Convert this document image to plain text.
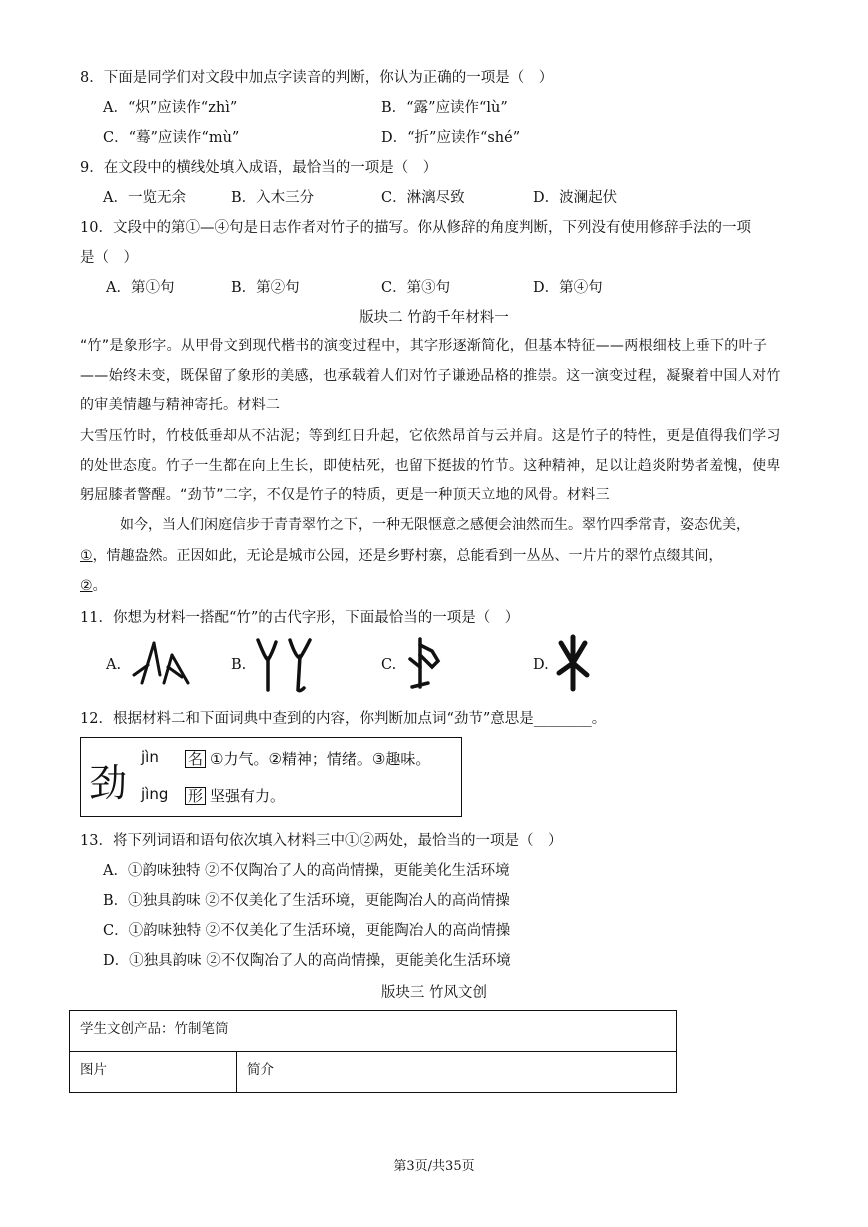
8．下面是同学们对文段中加点字读音的判断，你认为正确的一项是（　）
A．“炽”应读作“zhì”	B．“露”应读作“lù”
C．“蓦”应读作“mù”	D．“折”应读作“shé”
9．在文段中的横线处填入成语，最恰当的一项是（　）
A．一览无余	B．入木三分	C．淋漓尽致	D．波澜起伏
10．文段中的第①—④句是日志作者对竹子的描写。你从修辞的角度判断，下列没有使用修辞手法的一项
是（　）
A．第①句	B．第②句	C．第③句	D．第④句
版块二 竹韵千年材料一
“竹”是象形字。从甲骨文到现代楷书的演变过程中，其字形逐渐简化，但基本特征——两根细枝上垂下的叶子——始终未变，既保留了象形的美感，也承载着人们对竹子谦逊品格的推崇。这一演变过程，凝聚着中国人对竹的审美情趣与精神寄托。材料二
大雪压竹时，竹枝低垂却从不沾泥；等到红日升起，它依然昂首与云并肩。这是竹子的特性，更是值得我们学习的处世态度。竹子一生都在向上生长，即使枯死，也留下挺拔的竹节。这种精神，足以让趋炎附势者羞愧，使卑躬屈膝者警醒。“劲节”二字，不仅是竹子的特质，更是一种顶天立地的风骨。材料三
如今，当人们闲庭信步于青青翠竹之下，一种无限惬意之感便会油然而生。翠竹四季常青，姿态优美，
①，情趣盎然。正因如此，无论是城市公园，还是乡野村寨，总能看到一丛丛、一片片的翠竹点缀其间，
②。
11．你想为材料一搭配“竹”的古代字形，下面最恰当的一项是（　）
A.	B.	C.	D.
12．根据材料二和下面词典中查到的内容，你判断加点词“劲节”意思是________。
劲
jìn 名 ①力气。②精神；情绪。③趣味。
jìng 形 坚强有力。
13．将下列词语和语句依次填入材料三中①②两处，最恰当的一项是（　）
A．①韵味独特 ②不仅陶冶了人的高尚情操，更能美化生活环境
B．①独具韵味 ②不仅美化了生活环境，更能陶冶人的高尚情操
C．①韵味独特 ②不仅美化了生活环境，更能陶冶人的高尚情操
D．①独具韵味 ②不仅陶冶了人的高尚情操，更能美化生活环境
版块三 竹风文创
学生文创产品：竹制笔筒
图片	简介
第3页/共35页
